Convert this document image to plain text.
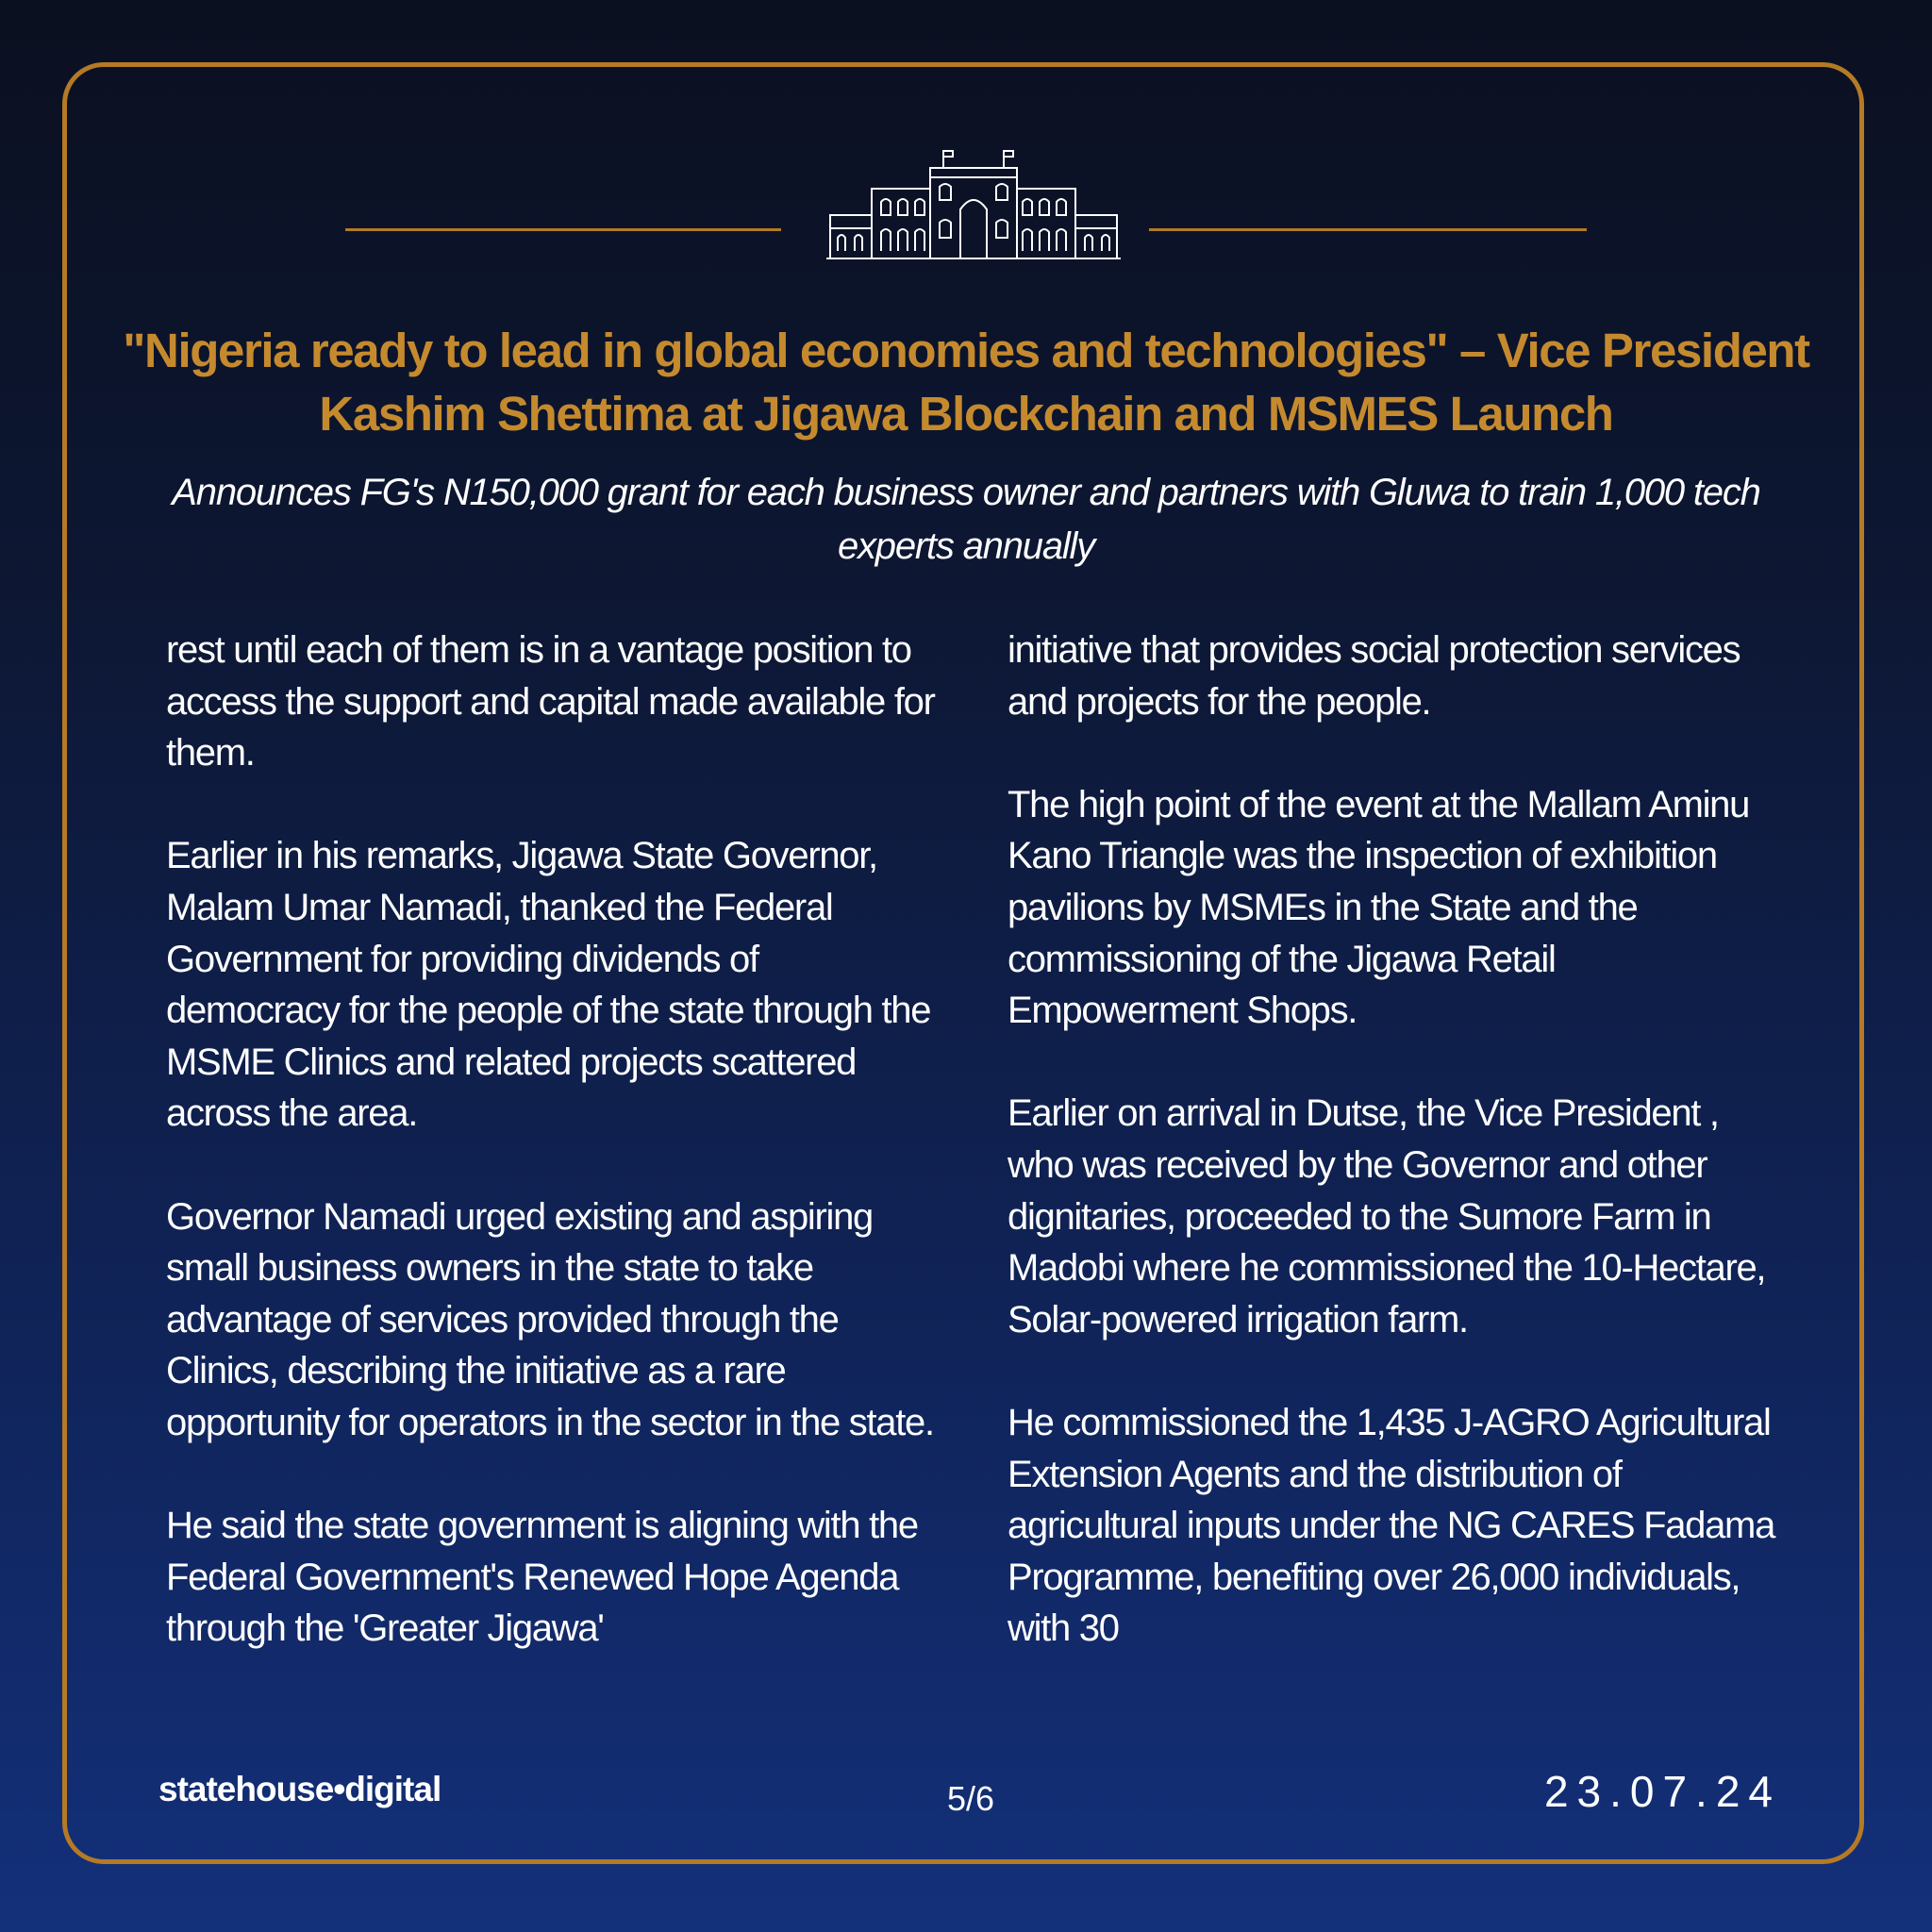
"Nigeria ready to lead in global economies and technologies" – Vice President Kashim Shettima at Jigawa Blockchain and MSMES Launch

Announces FG's N150,000 grant for each business owner and partners with Gluwa to train 1,000 tech experts annually

rest until each of them is in a vantage position to access the support and capital made available for them.

Earlier in his remarks, Jigawa State Governor, Malam Umar Namadi, thanked the Federal Government for providing dividends of democracy for the people of the state through the MSME Clinics and related projects scattered across the area.

Governor Namadi urged existing and aspiring small business owners in the state to take advantage of services provided through the Clinics, describing the initiative as a rare opportunity for operators in the sector in the state.

He said the state government is aligning with the Federal Government's Renewed Hope Agenda through the 'Greater Jigawa'

initiative that provides social protection services and projects for the people.

The high point of the event at the Mallam Aminu Kano Triangle was the inspection of exhibition pavilions by MSMEs in the State and the commissioning of the Jigawa Retail Empowerment Shops.

Earlier on arrival in Dutse, the Vice President , who was received by the Governor and other dignitaries, proceeded to the Sumore Farm in Madobi where he commissioned the 10-Hectare, Solar-powered irrigation farm.

He commissioned the 1,435 J-AGRO Agricultural Extension Agents and the distribution of agricultural inputs under the NG CARES Fadama Programme, benefiting over 26,000 individuals, with 30

statehouse•digital	5/6	23.07.24
